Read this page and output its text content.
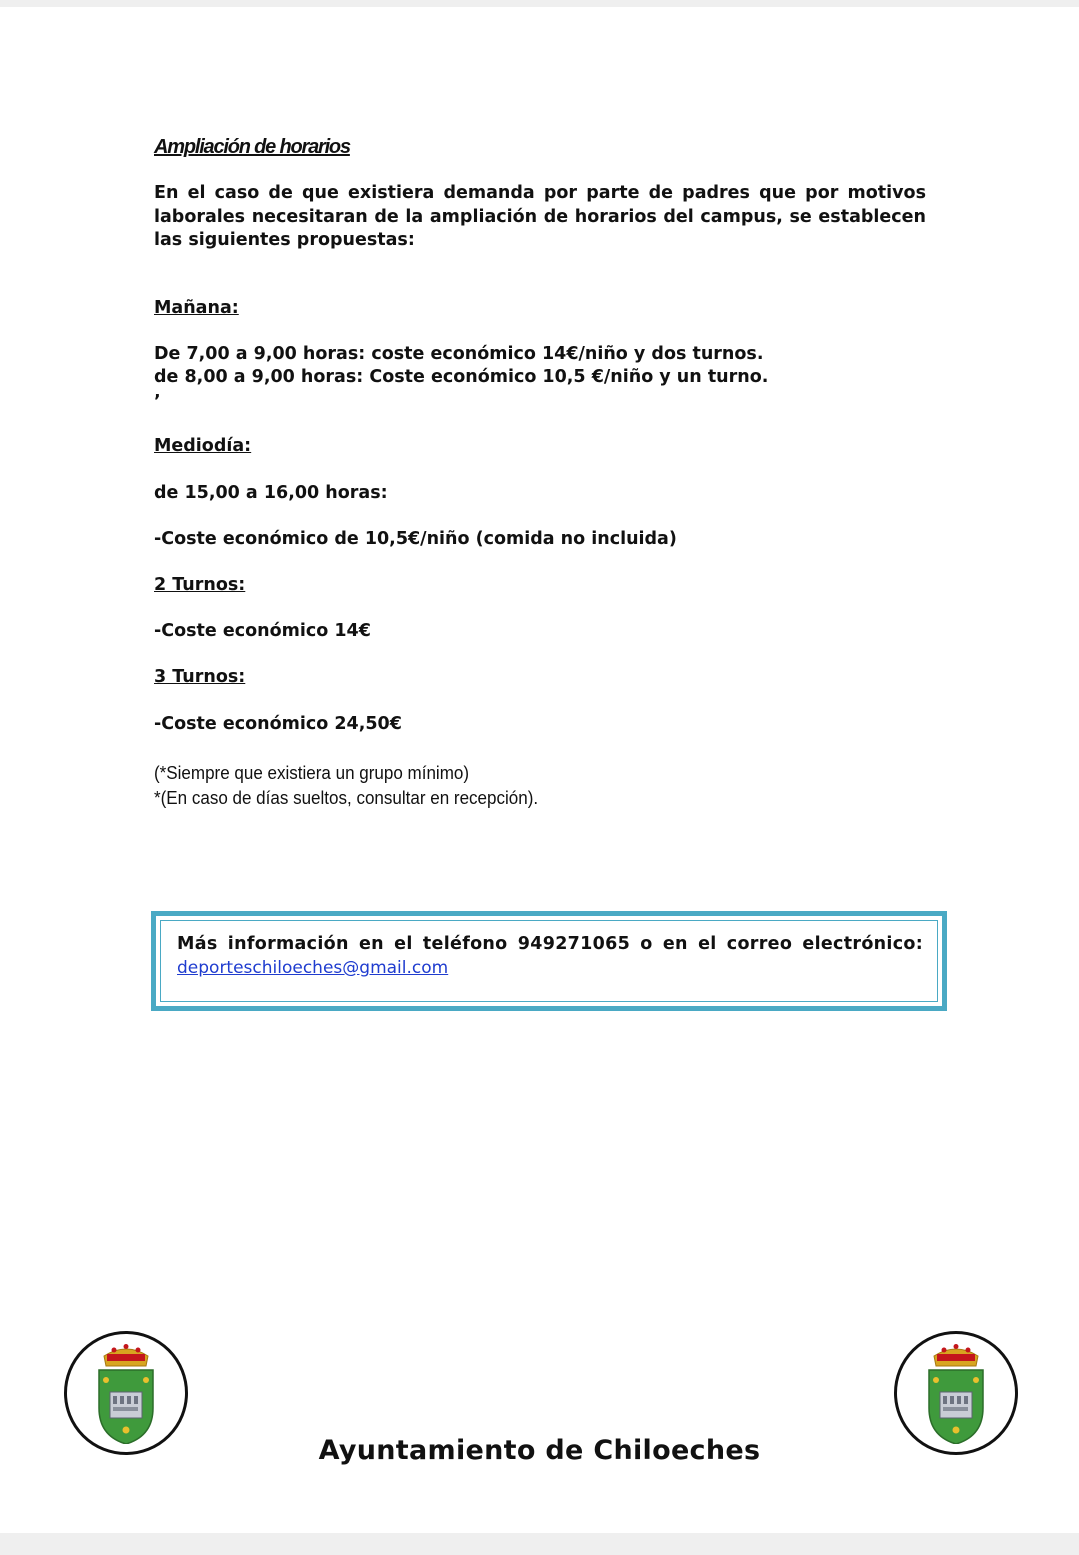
Ampliación de horarios

En el caso de que existiera demanda por parte de padres que por motivos laborales necesitaran de la ampliación de horarios del campus, se establecen las siguientes propuestas:

Mañana:

De 7,00 a 9,00 horas: coste económico 14€/niño y dos turnos.

de 8,00 a 9,00 horas: Coste económico 10,5 €/niño y un turno.

’

Mediodía:

de 15,00 a 16,00 horas:

-Coste económico de 10,5€/niño (comida no incluida)

2 Turnos:

-Coste económico 14€

3 Turnos:

-Coste económico 24,50€

(*Siempre que existiera un grupo mínimo)

*(En caso de días sueltos, consultar en recepción).

Más información en el teléfono 949271065 o en el correo electrónico:

deporteschiloeches@gmail.com

Ayuntamiento de Chiloeches
